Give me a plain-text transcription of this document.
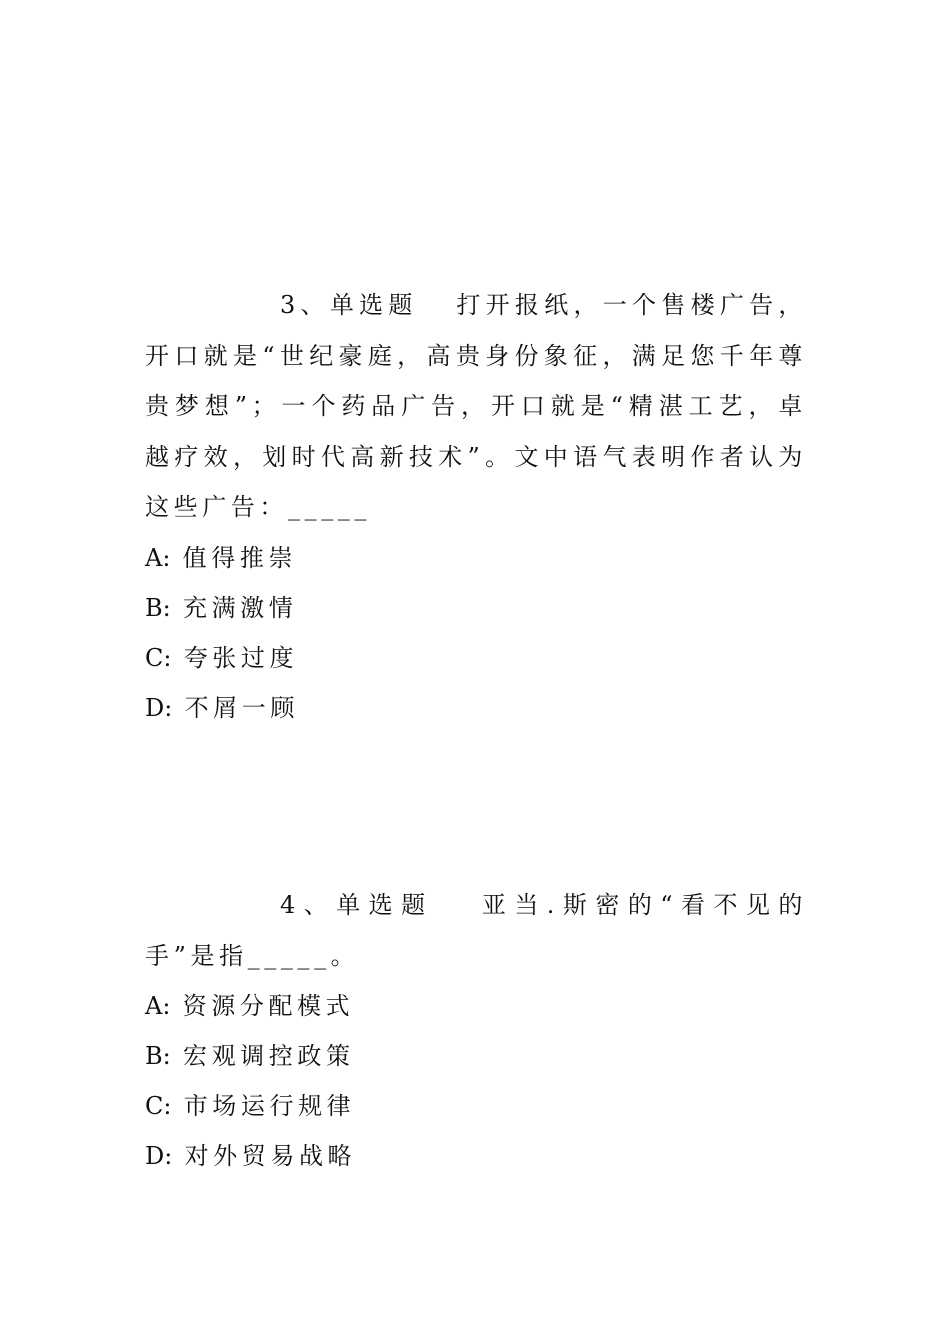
3、单选题 打开报纸，一个售楼广告，开口就是“世纪豪庭，高贵身份象征，满足您千年尊贵梦想”；一个药品广告，开口就是“精湛工艺，卓越疗效，划时代高新技术”。文中语气表明作者认为这些广告：_____

A: 值得推崇
B: 充满激情
C: 夸张过度
D: 不屑一顾

4、单选题 亚当.斯密的“看不见的手”是指_____。

A: 资源分配模式
B: 宏观调控政策
C: 市场运行规律
D: 对外贸易战略
